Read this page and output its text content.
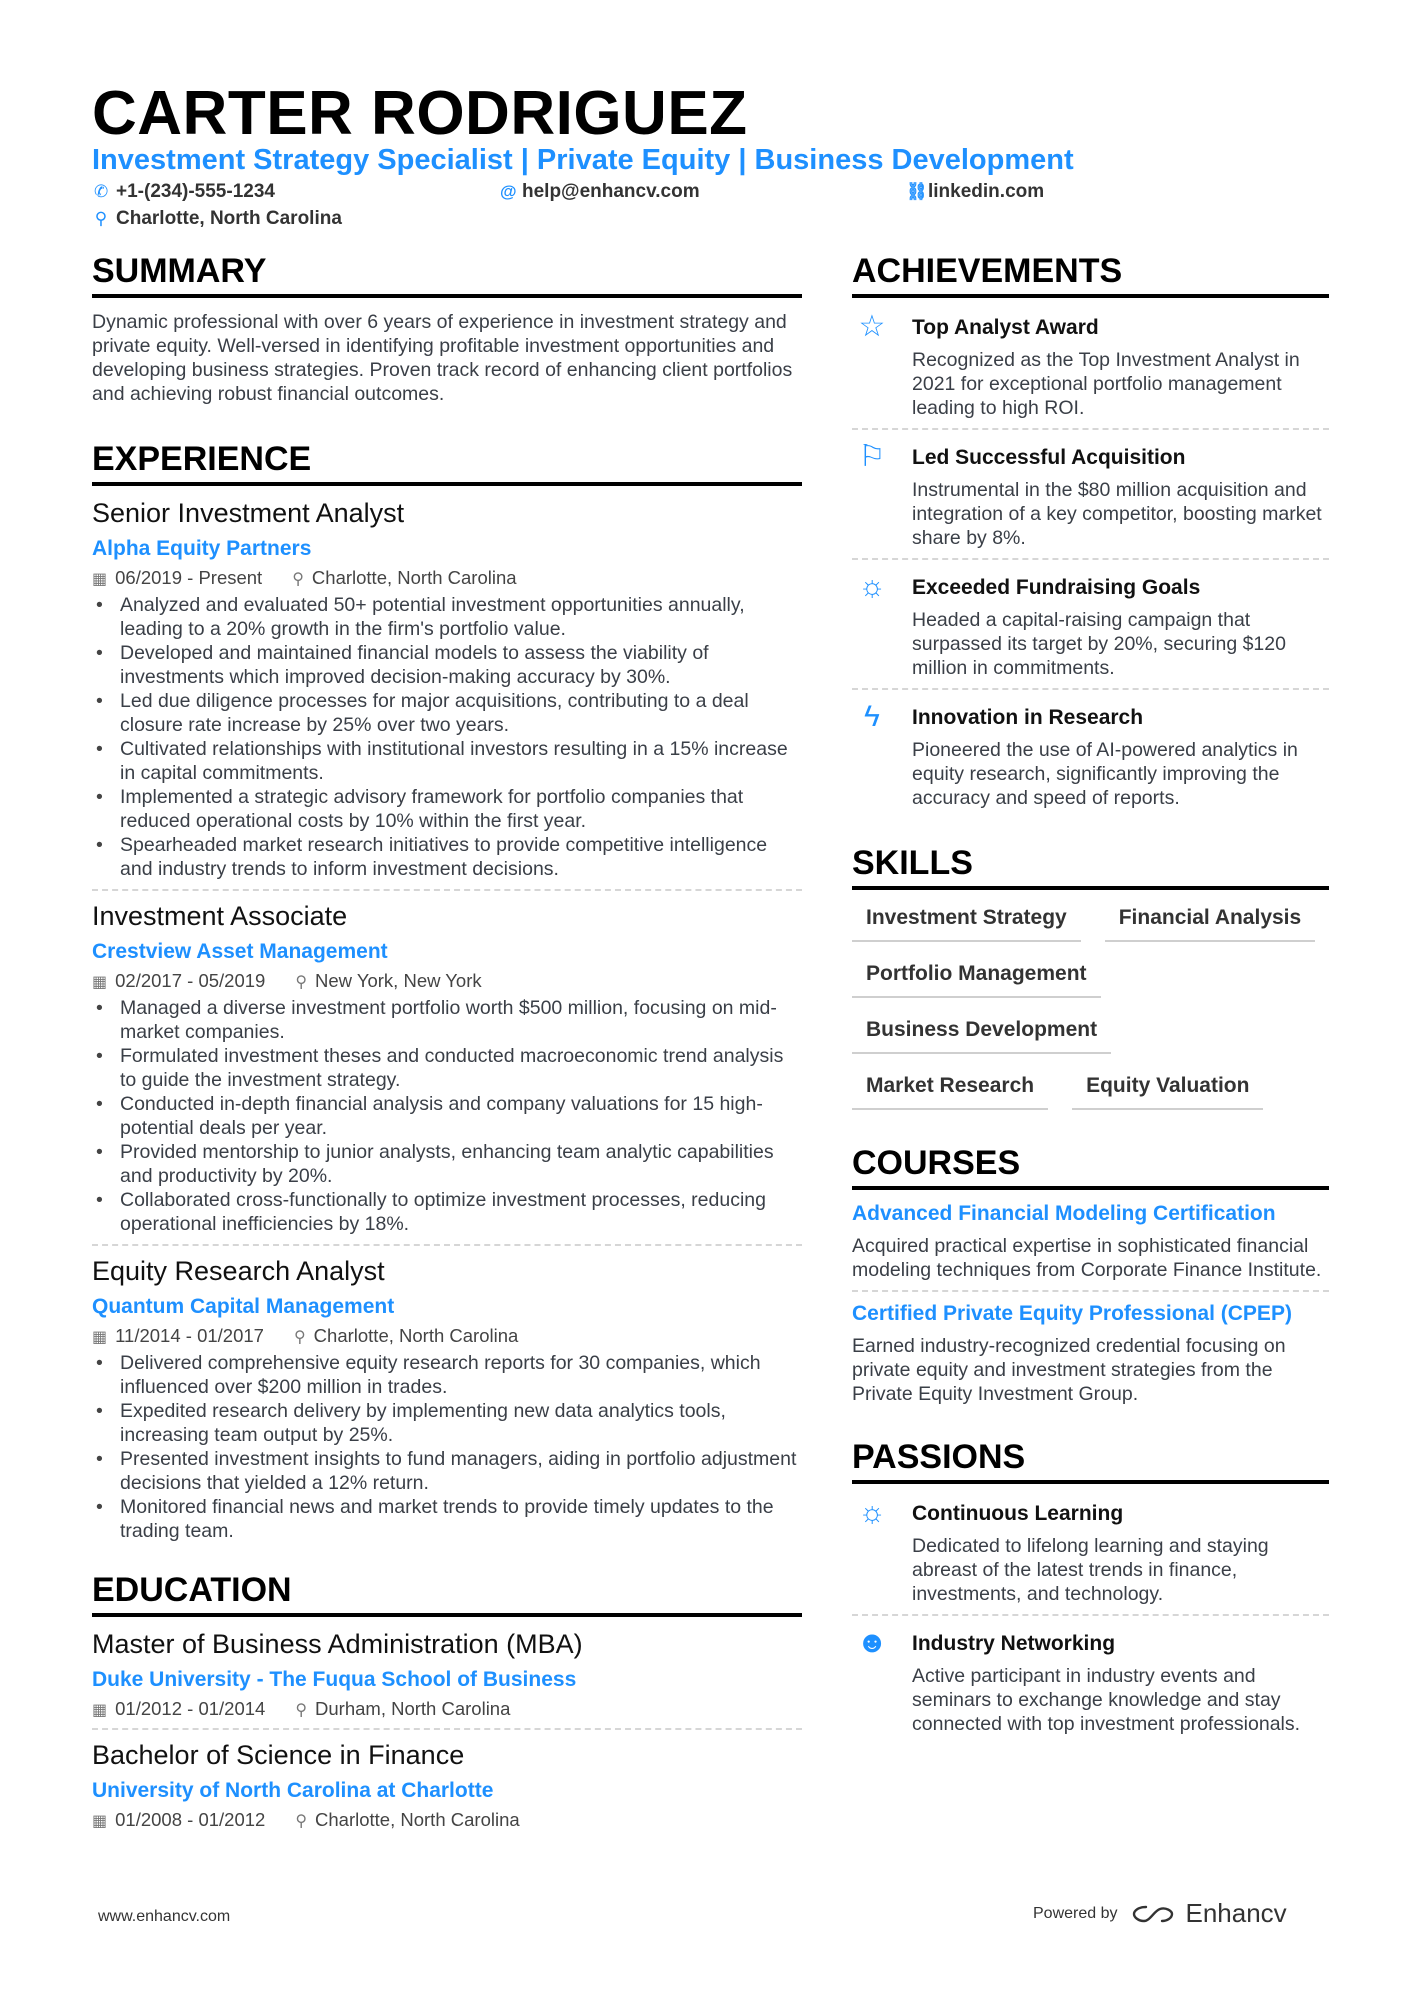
CARTER RODRIGUEZ
Investment Strategy Specialist | Private Equity | Business Development
✆ +1-(234)-555-1234	@ help@enhancv.com	⛓ linkedin.com
⚲ Charlotte, North Carolina
SUMMARY
Dynamic professional with over 6 years of experience in investment strategy and private equity. Well-versed in identifying profitable investment opportunities and developing business strategies. Proven track record of enhancing client portfolios and achieving robust financial outcomes.
EXPERIENCE
Senior Investment Analyst
Alpha Equity Partners
▦ 06/2019 - Present ⚲ Charlotte, North Carolina
• Analyzed and evaluated 50+ potential investment opportunities annually, leading to a 20% growth in the firm's portfolio value.
• Developed and maintained financial models to assess the viability of investments which improved decision-making accuracy by 30%.
• Led due diligence processes for major acquisitions, contributing to a deal closure rate increase by 25% over two years.
• Cultivated relationships with institutional investors resulting in a 15% increase in capital commitments.
• Implemented a strategic advisory framework for portfolio companies that reduced operational costs by 10% within the first year.
• Spearheaded market research initiatives to provide competitive intelligence and industry trends to inform investment decisions.
Investment Associate
Crestview Asset Management
▦ 02/2017 - 05/2019 ⚲ New York, New York
• Managed a diverse investment portfolio worth $500 million, focusing on mid-market companies.
• Formulated investment theses and conducted macroeconomic trend analysis to guide the investment strategy.
• Conducted in-depth financial analysis and company valuations for 15 high-potential deals per year.
• Provided mentorship to junior analysts, enhancing team analytic capabilities and productivity by 20%.
• Collaborated cross-functionally to optimize investment processes, reducing operational inefficiencies by 18%.
Equity Research Analyst
Quantum Capital Management
▦ 11/2014 - 01/2017 ⚲ Charlotte, North Carolina
• Delivered comprehensive equity research reports for 30 companies, which influenced over $200 million in trades.
• Expedited research delivery by implementing new data analytics tools, increasing team output by 25%.
• Presented investment insights to fund managers, aiding in portfolio adjustment decisions that yielded a 12% return.
• Monitored financial news and market trends to provide timely updates to the trading team.
EDUCATION
Master of Business Administration (MBA)
Duke University - The Fuqua School of Business
▦ 01/2012 - 01/2014 ⚲ Durham, North Carolina
Bachelor of Science in Finance
University of North Carolina at Charlotte
▦ 01/2008 - 01/2012 ⚲ Charlotte, North Carolina
ACHIEVEMENTS
☆	Top Analyst Award
Recognized as the Top Investment Analyst in 2021 for exceptional portfolio management leading to high ROI.
⚐	Led Successful Acquisition
Instrumental in the $80 million acquisition and integration of a key competitor, boosting market share by 8%.
☼ Exceeded Fundraising Goals
Headed a capital-raising campaign that surpassed its target by 20%, securing $120 million in commitments.
ϟ	Innovation in Research
Pioneered the use of AI-powered analytics in equity research, significantly improving the accuracy and speed of reports.
SKILLS
Investment Strategy	Financial Analysis
Portfolio Management
Business Development
Market Research	Equity Valuation
COURSES
Advanced Financial Modeling Certification
Acquired practical expertise in sophisticated financial modeling techniques from Corporate Finance Institute.
Certified Private Equity Professional (CPEP)
Earned industry-recognized credential focusing on private equity and investment strategies from the Private Equity Investment Group.
PASSIONS
☼ Continuous Learning
Dedicated to lifelong learning and staying abreast of the latest trends in finance, investments, and technology.
☻ Industry Networking
Active participant in industry events and seminars to exchange knowledge and stay connected with top investment professionals.
www.enhancv.com	Powered by	Enhancv
